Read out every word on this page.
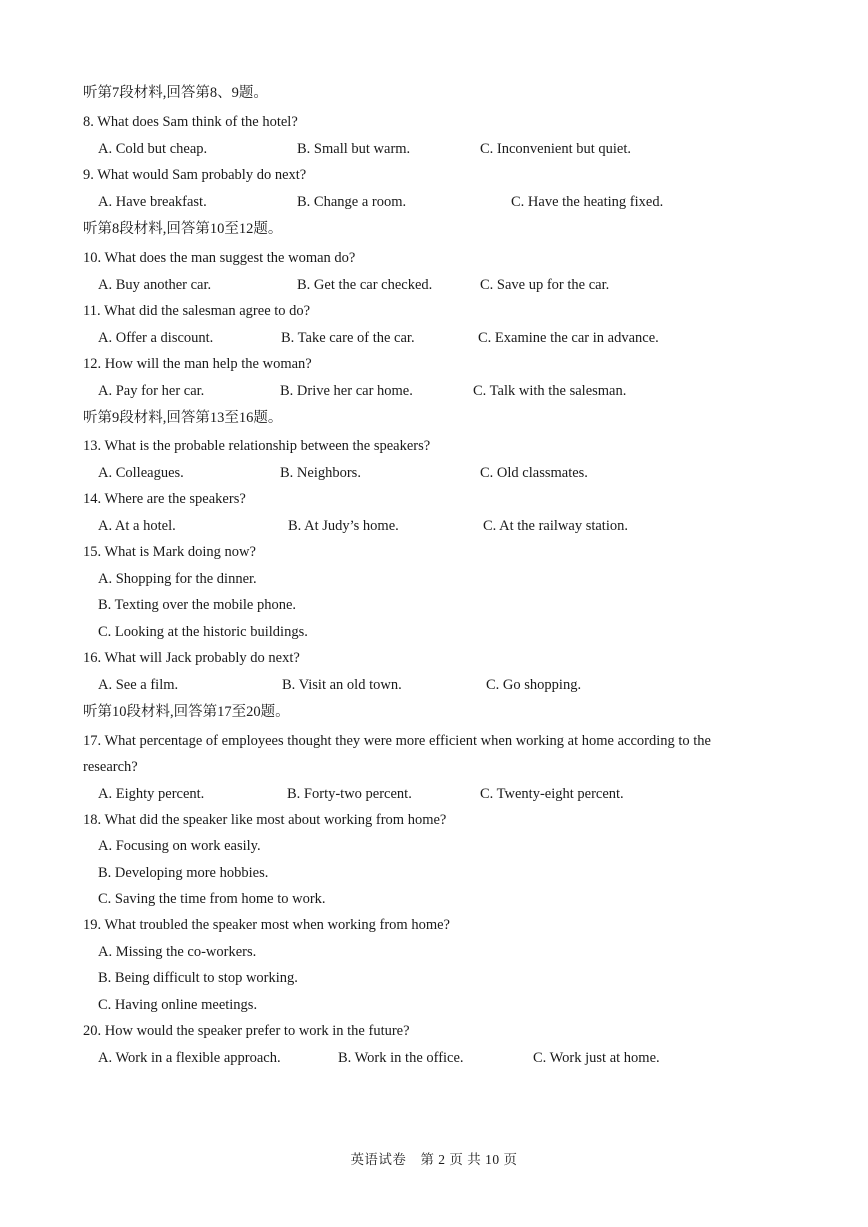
听第7段材料,回答第8、9题。
8. What does Sam think of the hotel?
A. Cold but cheap.	B. Small but warm.	C. Inconvenient but quiet.
9. What would Sam probably do next?
A. Have breakfast.	B. Change a room.	C. Have the heating fixed.
听第8段材料,回答第10至12题。
10. What does the man suggest the woman do?
A. Buy another car.	B. Get the car checked.	C. Save up for the car.
11. What did the salesman agree to do?
A. Offer a discount.	B. Take care of the car.	C. Examine the car in advance.
12. How will the man help the woman?
A. Pay for her car.	B. Drive her car home.	C. Talk with the salesman.
听第9段材料,回答第13至16题。
13. What is the probable relationship between the speakers?
A. Colleagues.	B. Neighbors.	C. Old classmates.
14. Where are the speakers?
A. At a hotel.	B. At Judy’s home.	C. At the railway station.
15. What is Mark doing now?
A. Shopping for the dinner.
B. Texting over the mobile phone.
C. Looking at the historic buildings.
16. What will Jack probably do next?
A. See a film.	B. Visit an old town.	C. Go shopping.
听第10段材料,回答第17至20题。
17. What percentage of employees thought they were more efficient when working at home according to the
research?
A. Eighty percent.	B. Forty-two percent.	C. Twenty-eight percent.
18. What did the speaker like most about working from home?
A. Focusing on work easily.
B. Developing more hobbies.
C. Saving the time from home to work.
19. What troubled the speaker most when working from home?
A. Missing the co-workers.
B. Being difficult to stop working.
C. Having online meetings.
20. How would the speaker prefer to work in the future?
A. Work in a flexible approach.	B. Work in the office.	C. Work just at home.
英语试卷　第 2 页 共 10 页
